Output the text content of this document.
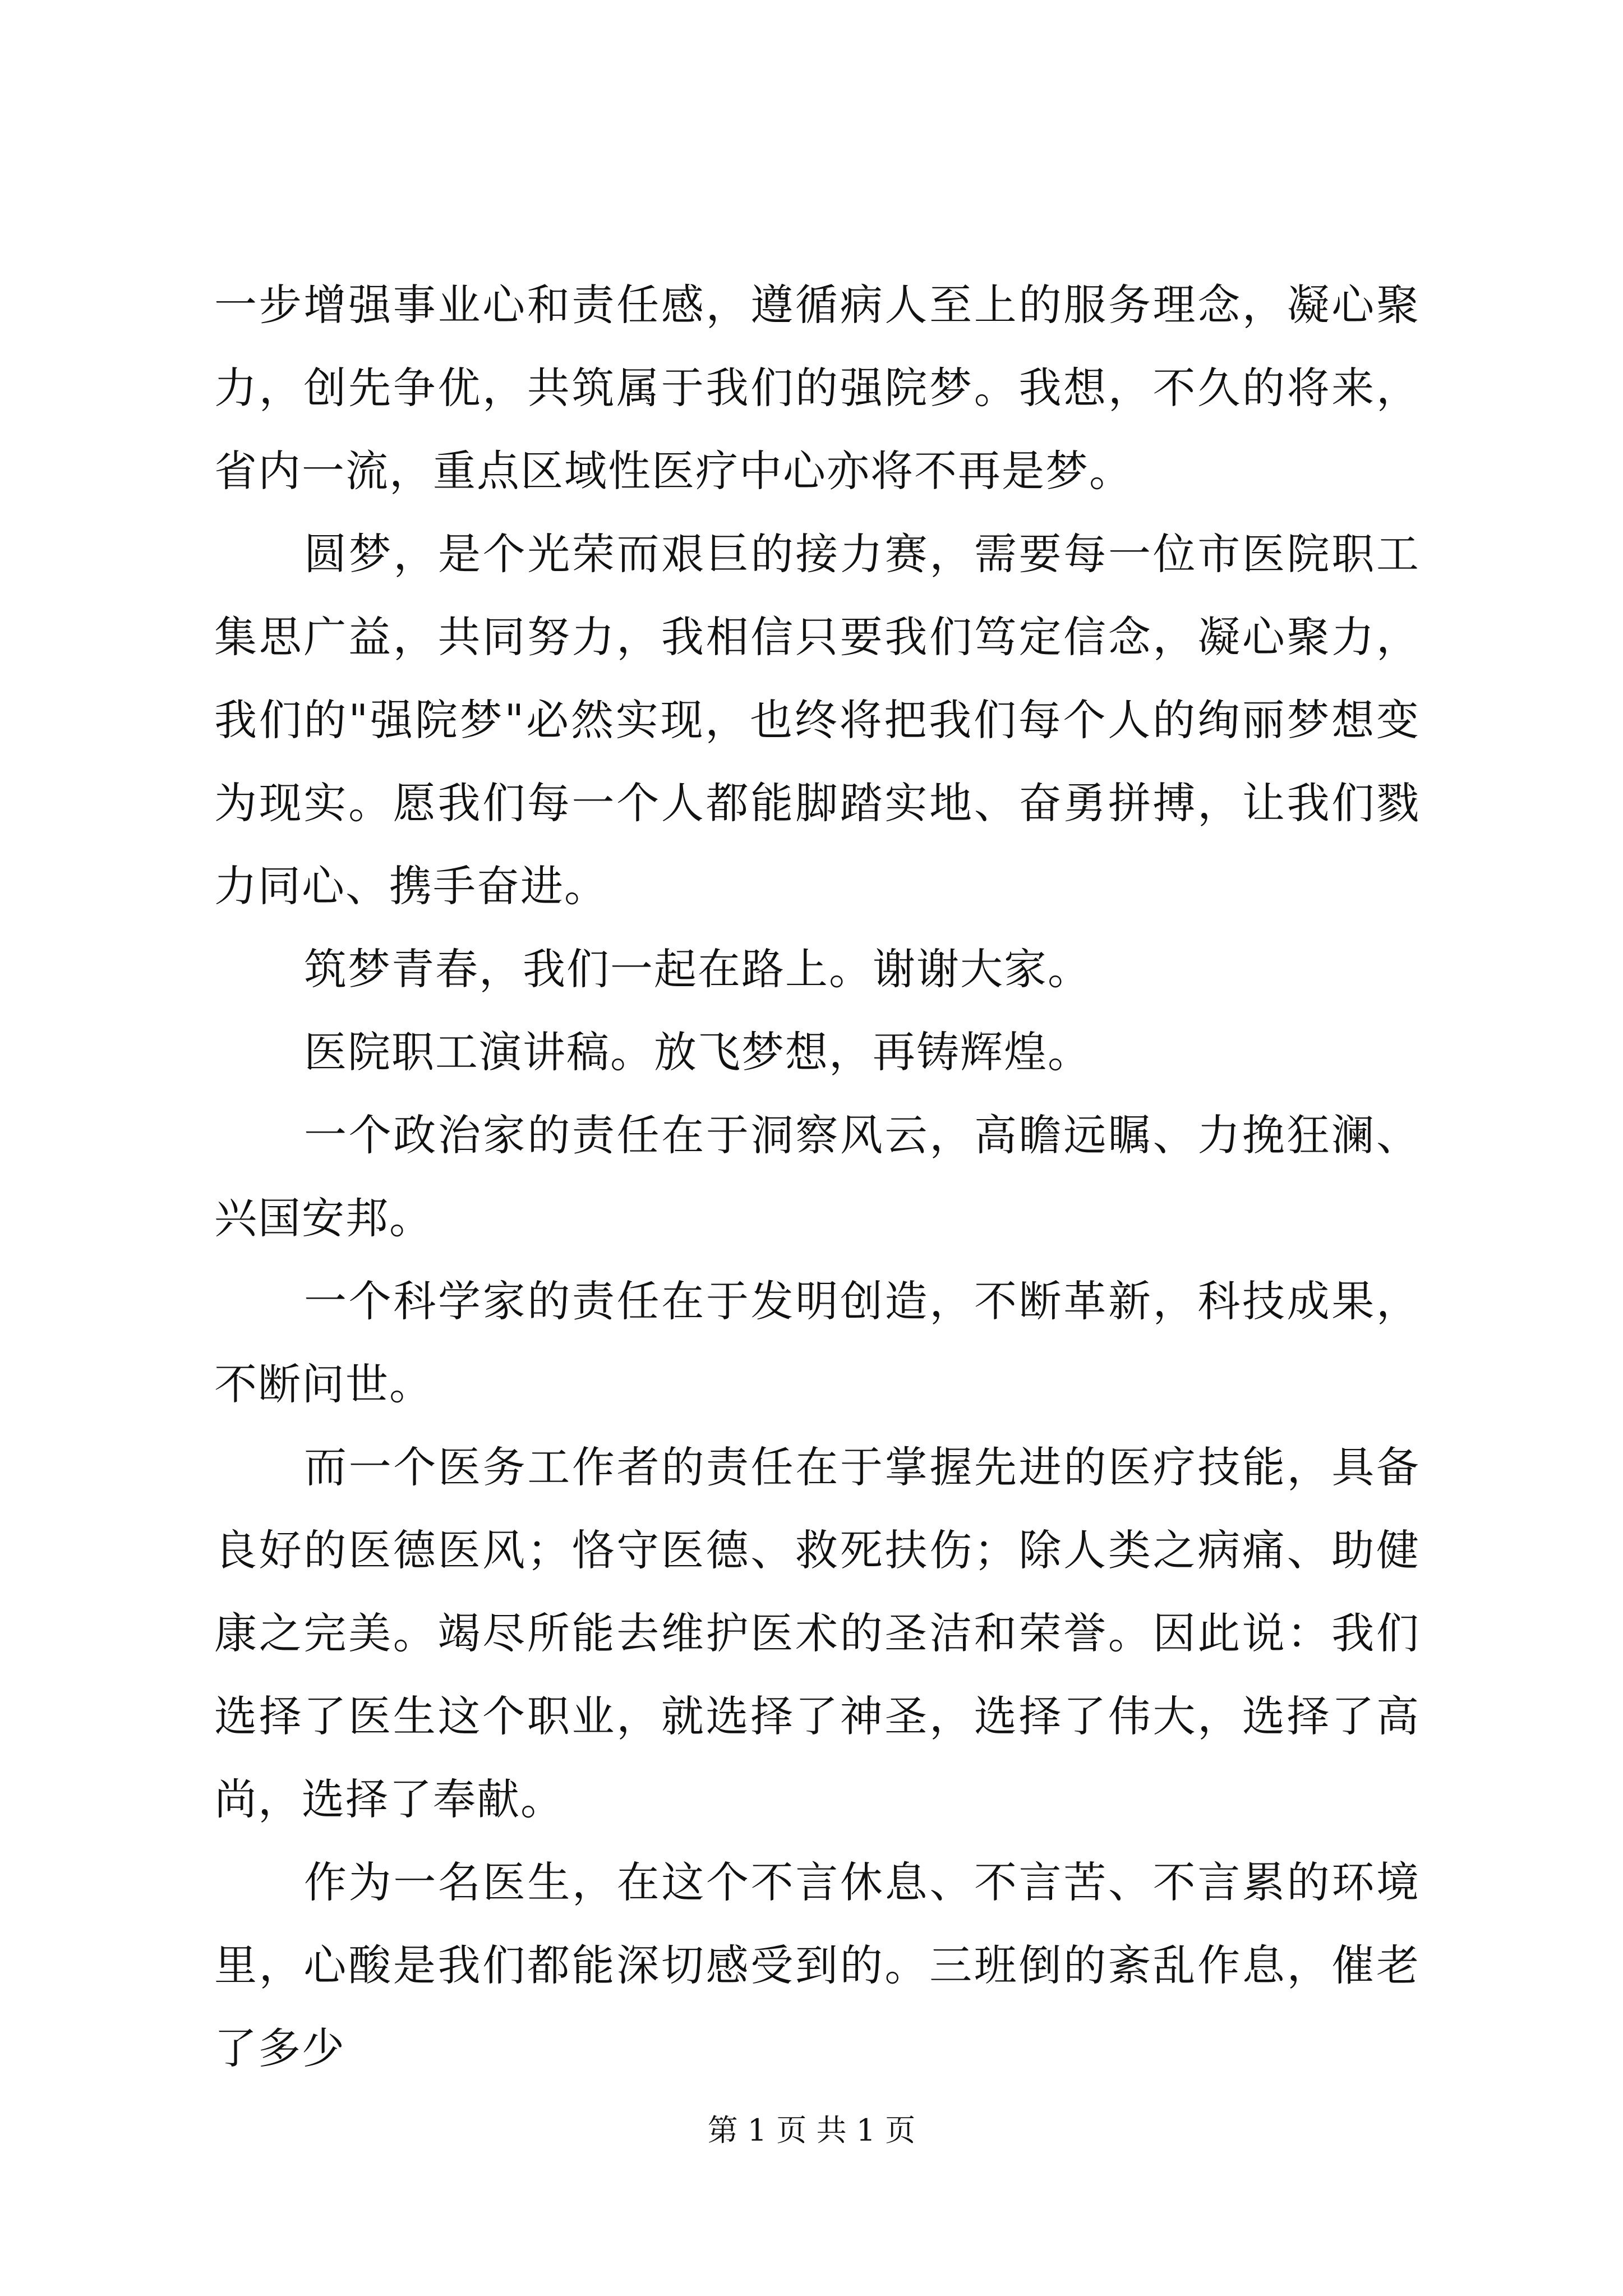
一步增强事业心和责任感，遵循病人至上的服务理念，凝心聚力，创先争优，共筑属于我们的强院梦。我想，不久的将来，省内一流，重点区域性医疗中心亦将不再是梦。

圆梦，是个光荣而艰巨的接力赛，需要每一位市医院职工集思广益，共同努力，我相信只要我们笃定信念，凝心聚力，我们的"强院梦"必然实现，也终将把我们每个人的绚丽梦想变为现实。愿我们每一个人都能脚踏实地、奋勇拼搏，让我们戮力同心、携手奋进。

筑梦青春，我们一起在路上。谢谢大家。

医院职工演讲稿。放飞梦想，再铸辉煌。

一个政治家的责任在于洞察风云，高瞻远瞩、力挽狂澜、兴国安邦。

一个科学家的责任在于发明创造，不断革新，科技成果，不断问世。

而一个医务工作者的责任在于掌握先进的医疗技能，具备良好的医德医风；恪守医德、救死扶伤；除人类之病痛、助健康之完美。竭尽所能去维护医术的圣洁和荣誉。因此说：我们选择了医生这个职业，就选择了神圣，选择了伟大，选择了高尚，选择了奉献。

作为一名医生，在这个不言休息、不言苦、不言累的环境里，心酸是我们都能深切感受到的。三班倒的紊乱作息，催老了多少

第 1 页 共 1 页
